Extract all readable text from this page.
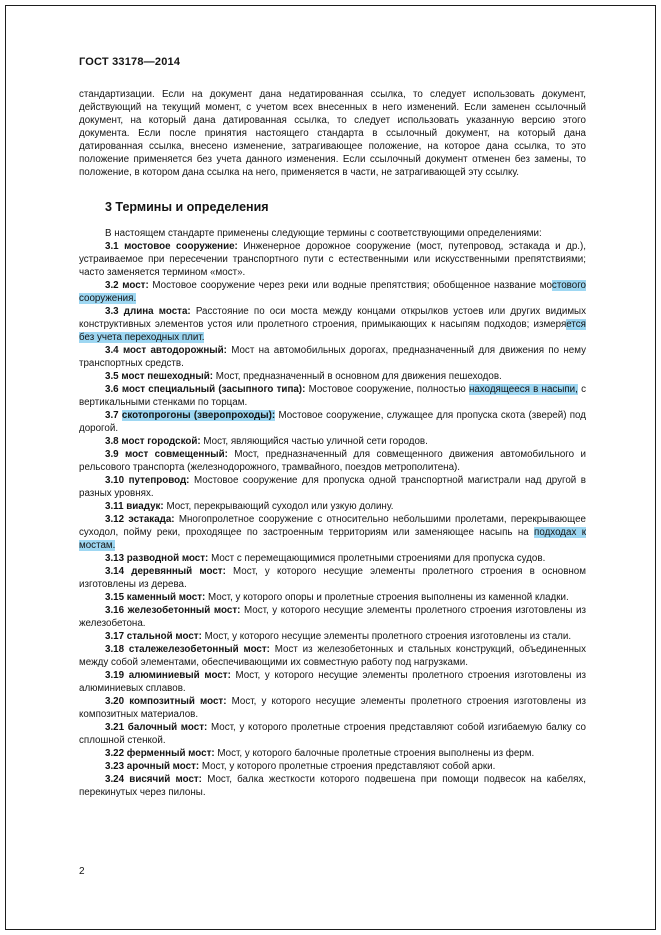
ГОСТ 33178—2014

стандартизации. Если на документ дана недатированная ссылка, то следует использовать документ, действующий на текущий момент, с учетом всех внесенных в него изменений. Если заменен ссылочный документ, на который дана датированная ссылка, то следует использовать указанную версию этого документа. Если после принятия настоящего стандарта в ссылочный документ, на который дана датированная ссылка, внесено изменение, затрагивающее положение, на которое дана ссылка, то это положение применяется без учета данного изменения. Если ссылочный документ отменен без замены, то положение, в котором дана ссылка на него, применяется в части, не затрагивающей эту ссылку.

3 Термины и определения

В настоящем стандарте применены следующие термины с соответствующими определениями:

3.1 мостовое сооружение: Инженерное дорожное сооружение (мост, путепровод, эстакада и др.), устраиваемое при пересечении транспортного пути с естественными или искусственными препятствиями; часто заменяется термином «мост».

3.2 мост: Мостовое сооружение через реки или водные препятствия; обобщенное название мостового сооружения.

3.3 длина моста: Расстояние по оси моста между концами открылков устоев или других видимых конструктивных элементов устоя или пролетного строения, примыкающих к насыпям подходов; измеряется без учета переходных плит.

3.4 мост автодорожный: Мост на автомобильных дорогах, предназначенный для движения по нему транспортных средств.

3.5 мост пешеходный: Мост, предназначенный в основном для движения пешеходов.

3.6 мост специальный (засыпного типа): Мостовое сооружение, полностью находящееся в насыпи, с вертикальными стенками по торцам.

3.7 скотопрогоны (зверопроходы): Мостовое сооружение, служащее для пропуска скота (зверей) под дорогой.

3.8 мост городской: Мост, являющийся частью уличной сети городов.

3.9 мост совмещенный: Мост, предназначенный для совмещенного движения автомобильного и рельсового транспорта (железнодорожного, трамвайного, поездов метрополитена).

3.10 путепровод: Мостовое сооружение для пропуска одной транспортной магистрали над другой в разных уровнях.

3.11 виадук: Мост, перекрывающий суходол или узкую долину.

3.12 эстакада: Многопролетное сооружение с относительно небольшими пролетами, перекрывающее суходол, пойму реки, проходящее по застроенным территориям или заменяющее насыпь на подходах к мостам.

3.13 разводной мост: Мост с перемещающимися пролетными строениями для пропуска судов.

3.14 деревянный мост: Мост, у которого несущие элементы пролетного строения в основном изготовлены из дерева.

3.15 каменный мост: Мост, у которого опоры и пролетные строения выполнены из каменной кладки.

3.16 железобетонный мост: Мост, у которого несущие элементы пролетного строения изготовлены из железобетона.

3.17 стальной мост: Мост, у которого несущие элементы пролетного строения изготовлены из стали.

3.18 сталежелезобетонный мост: Мост из железобетонных и стальных конструкций, объединенных между собой элементами, обеспечивающими их совместную работу под нагрузками.

3.19 алюминиевый мост: Мост, у которого несущие элементы пролетного строения изготовлены из алюминиевых сплавов.

3.20 композитный мост: Мост, у которого несущие элементы пролетного строения изготовлены из композитных материалов.

3.21 балочный мост: Мост, у которого пролетные строения представляют собой изгибаемую балку со сплошной стенкой.

3.22 ферменный мост: Мост, у которого балочные пролетные строения выполнены из ферм.

3.23 арочный мост: Мост, у которого пролетные строения представляют собой арки.

3.24 висячий мост: Мост, балка жесткости которого подвешена при помощи подвесок на кабелях, перекинутых через пилоны.

2
